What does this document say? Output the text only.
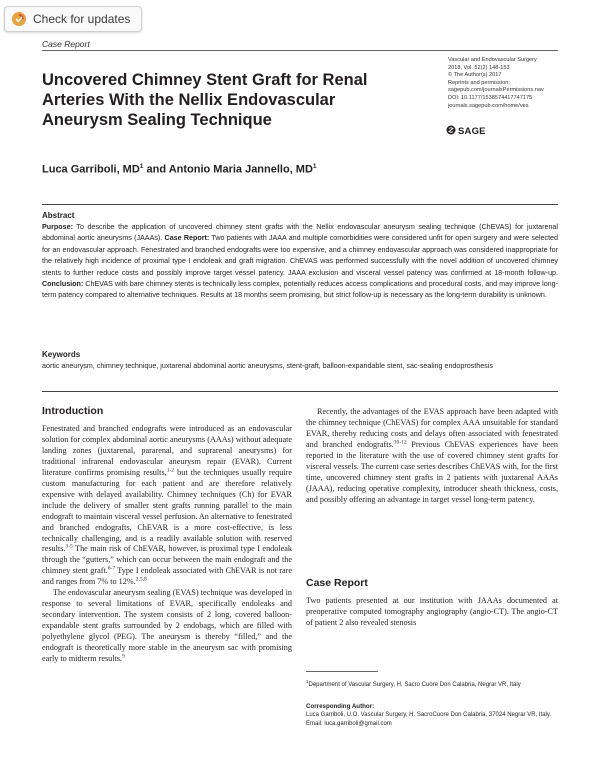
Check for updates
Case Report
Uncovered Chimney Stent Graft for Renal Arteries With the Nellix Endovascular Aneurysm Sealing Technique
Vascular and Endovascular Surgery
2018, Vol. 52(2) 148-153
© The Author(s) 2017
Reprints and permission:
sagepub.com/journalsPermissions.nav
DOI: 10.1177/1538574417747175
journals.sagepub.com/home/ves
SAGE
Luca Garriboli, $MD^1$ and Antonio Maria Jannello, $MD^1$
Abstract
Purpose: To describe the application of uncovered chimney stent grafts with the Nellix endovascular aneurysm sealing technique (ChEVAS) for juxtarenal abdominal aortic aneurysms (JAAAs). Case Report: Two patients with JAAA and multiple comorbidities were considered unfit for open surgery and were selected for an endovascular approach. Fenestrated and branched endografts were too expensive, and a chimney endovascular approach was considered inappropriate for the relatively high incidence of proximal type I endoleak and graft migration. ChEVAS was performed successfully with the novel addition of uncovered chimney stents to further reduce costs and possibly improve target vessel patency. JAAA exclusion and visceral vessel patency was confirmed at 18-month follow-up. Conclusion: ChEVAS with bare chimney stents is technically less complex, potentially reduces access complications and procedural costs, and may improve long-term patency compared to alternative techniques. Results at 18 months seem promising, but strict follow-up is necessary as the long-term durability is unknown.
Keywords
aortic aneurysm, chimney technique, juxtarenal abdominal aortic aneurysms, stent-graft, balloon-expandable stent, sac-sealing endoprosthesis
Introduction

Fenestrated and branched endografts were introduced as an endovascular solution for complex abdominal aortic aneurysms (AAAs) without adequate landing zones (juxtarenal, pararenal, and suprarenal aneurysms) for traditional infrarenal endovascular aneurysm repair (EVAR). Current literature confirms promising results,$^{1-2}$ but the techniques usually require custom manufacturing for each patient and are therefore relatively expensive with delayed availability. Chimney techniques (Ch) for EVAR include the delivery of smaller stent grafts running parallel to the main endograft to maintain visceral vessel perfusion. An alternative to fenestrated and branched endografts, ChEVAR is a more cost-effective, is less technically challenging, and is a readily available solution with reserved results.$^{3-5}$ The main risk of ChEVAR, however, is proximal type I endoleak through the “gutters,” which can occur between the main endograft and the chimney stent graft.$^{6-7}$ Type I endoleak associated with ChEVAR is not rare and ranges from 7% to 12%.$^{2,5,8}$

The endovascular aneurysm sealing (EVAS) technique was developed in response to several limitations of EVAR, specifically endoleaks and secondary intervention. The system consists of 2 long, covered balloon-expandable stent grafts surrounded by 2 endobags, which are filled with polyethylene glycol (PEG). The aneurysm is thereby “filled,” and the endograft is theoretically more stable in the aneurysm sac with promising early to midterm results.$^9$

Recently, the advantages of the EVAS approach have been adapted with the chimney technique (ChEVAS) for complex AAA unsuitable for standard EVAR, thereby reducing costs and delays often associated with fenestrated and branched endografts.$^{10-12}$ Previous ChEVAS experiences have been reported in the literature with the use of covered chimney stent grafts for visceral vessels. The current case series describes ChEVAS with, for the first time, uncovered chimney stent grafts in 2 patients with juxtarenal AAAs (JAAA), reducing operative complexity, introducer sheath thickness, costs, and possibly offering an advantage in target vessel long-term patency.

Case Report

Two patients presented at our institution with JAAAs documented at preoperative computed tomography angiography (angio-CT). The angio-CT of patient 2 also revealed stenosis

$^1$Department of Vascular Surgery, H. Sacro Cuore Don Calabria, Negrar VR, Italy
Corresponding Author:
Luca Garriboli, U.O. Vascular Surgery, H. SacroCuore Don Calabria, 37024 Negrar VR, Italy.
Email: luca.garriboli@gmail.com
